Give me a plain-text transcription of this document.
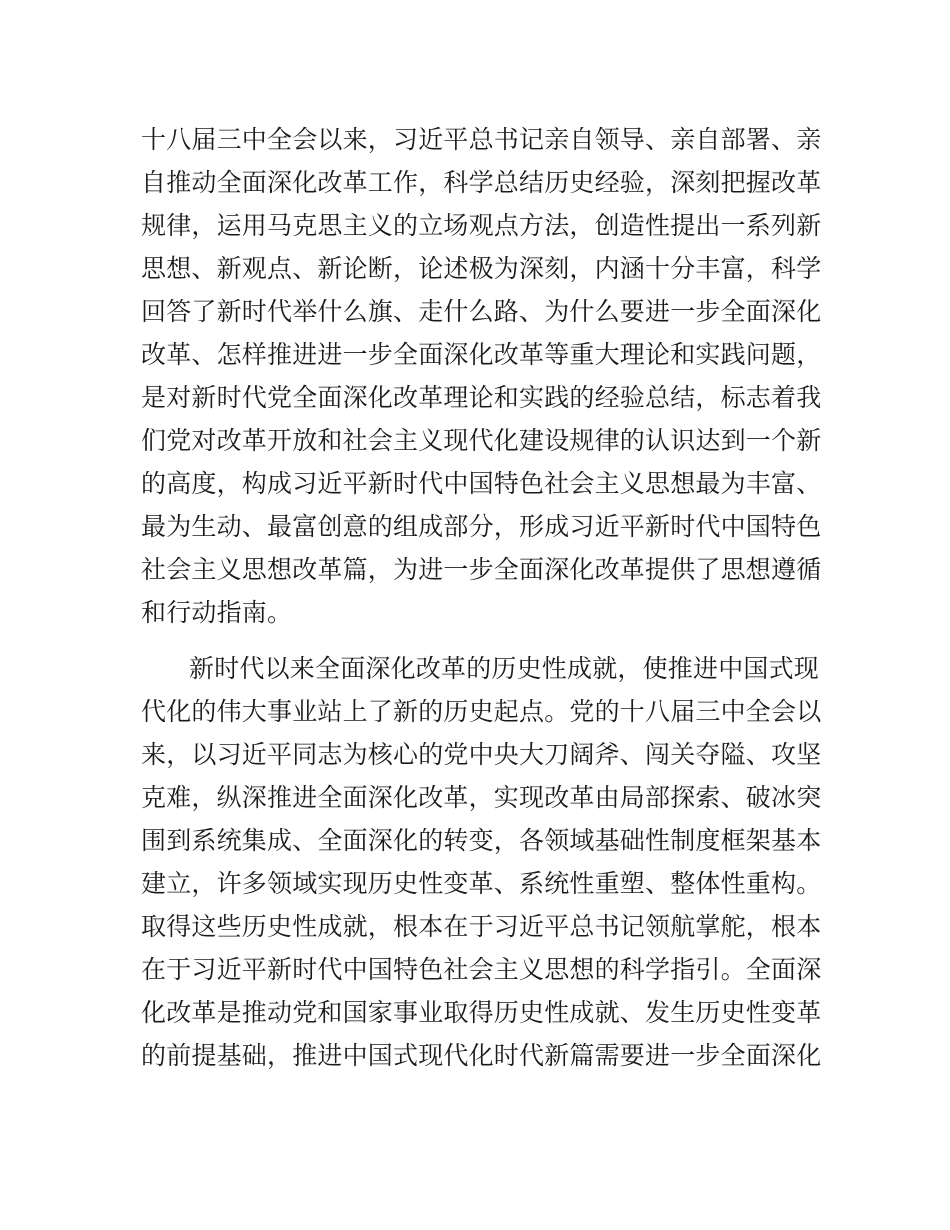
十八届三中全会以来，习近平总书记亲自领导、亲自部署、亲
自推动全面深化改革工作，科学总结历史经验，深刻把握改革
规律，运用马克思主义的立场观点方法，创造性提出一系列新
思想、新观点、新论断，论述极为深刻，内涵十分丰富，科学
回答了新时代举什么旗、走什么路、为什么要进一步全面深化
改革、怎样推进进一步全面深化改革等重大理论和实践问题，
是对新时代党全面深化改革理论和实践的经验总结，标志着我
们党对改革开放和社会主义现代化建设规律的认识达到一个新
的高度，构成习近平新时代中国特色社会主义思想最为丰富、
最为生动、最富创意的组成部分，形成习近平新时代中国特色
社会主义思想改革篇，为进一步全面深化改革提供了思想遵循
和行动指南。
新时代以来全面深化改革的历史性成就，使推进中国式现
代化的伟大事业站上了新的历史起点。党的十八届三中全会以
来，以习近平同志为核心的党中央大刀阔斧、闯关夺隘、攻坚
克难，纵深推进全面深化改革，实现改革由局部探索、破冰突
围到系统集成、全面深化的转变，各领域基础性制度框架基本
建立，许多领域实现历史性变革、系统性重塑、整体性重构。
取得这些历史性成就，根本在于习近平总书记领航掌舵，根本
在于习近平新时代中国特色社会主义思想的科学指引。全面深
化改革是推动党和国家事业取得历史性成就、发生历史性变革
的前提基础，推进中国式现代化时代新篇需要进一步全面深化
